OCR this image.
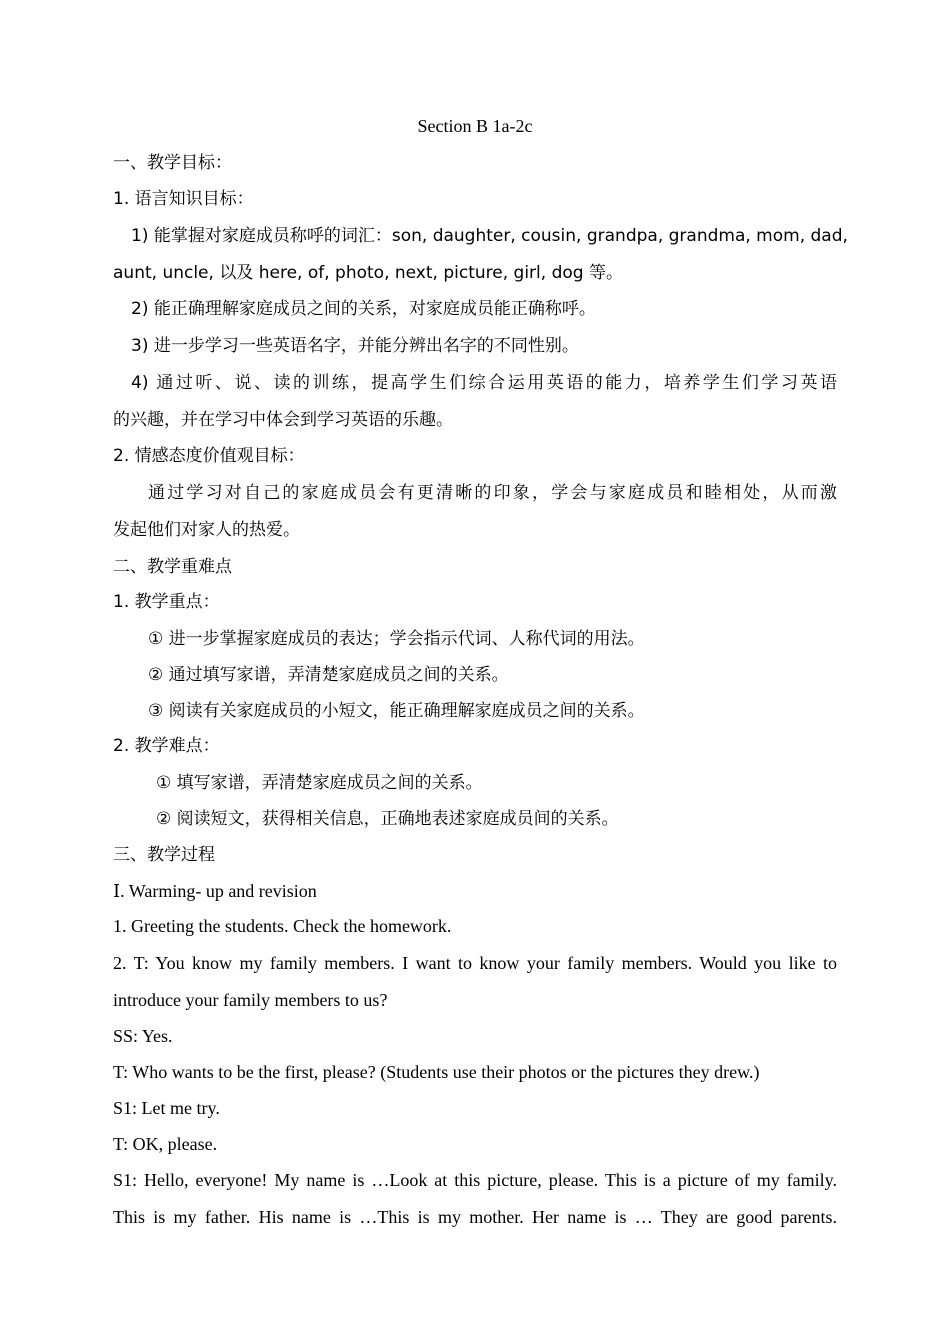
Section B 1a-2c
一、教学目标：
1. 语言知识目标：
1) 能掌握对家庭成员称呼的词汇：son, daughter, cousin, grandpa, grandma, mom, dad,
aunt, uncle, 以及 here, of, photo, next, picture, girl, dog 等。
2) 能正确理解家庭成员之间的关系，对家庭成员能正确称呼。
3) 进一步学习一些英语名字，并能分辨出名字的不同性别。
4) 通过听、说、读的训练，提高学生们综合运用英语的能力，培养学生们学习英语
的兴趣，并在学习中体会到学习英语的乐趣。
2. 情感态度价值观目标：
通过学习对自己的家庭成员会有更清晰的印象，学会与家庭成员和睦相处，从而激
发起他们对家人的热爱。
二、教学重难点
1. 教学重点：
① 进一步掌握家庭成员的表达；学会指示代词、人称代词的用法。
② 通过填写家谱，弄清楚家庭成员之间的关系。
③ 阅读有关家庭成员的小短文，能正确理解家庭成员之间的关系。
2. 教学难点：
① 填写家谱，弄清楚家庭成员之间的关系。
② 阅读短文，获得相关信息，正确地表述家庭成员间的关系。
三、教学过程
Ⅰ. Warming- up and revision
1. Greeting the students. Check the homework.
2. T: You know my family members. I want to know your family members. Would you like to
introduce your family members to us?
SS: Yes.
T: Who wants to be the first, please? (Students use their photos or the pictures they drew.)
S1: Let me try.
T: OK, please.
S1: Hello, everyone! My name is …Look at this picture, please. This is a picture of my family.
This is my father. His name is …This is my mother. Her name is … They are good parents.
